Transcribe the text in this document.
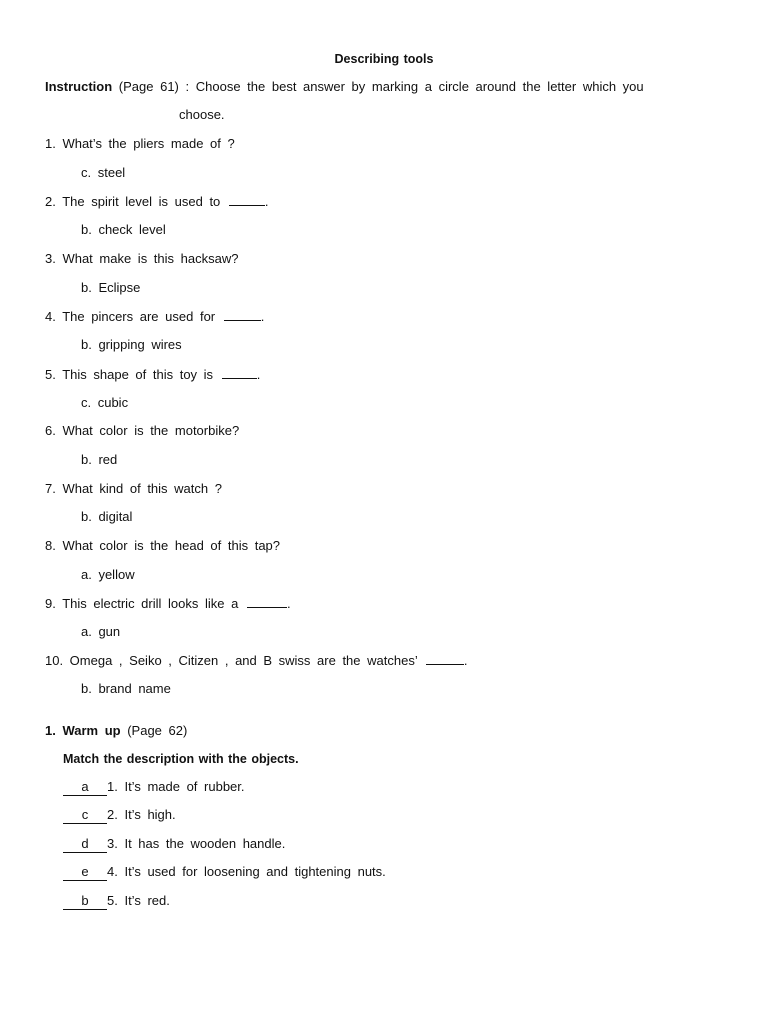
Describing tools
Instruction (Page 61) : Choose the best answer by marking a circle around the letter which you
choose.
1. What’s the pliers made of ?
c. steel
2. The spirit level is used to	.
b. check level
3. What make is this hacksaw?
b. Eclipse
4. The pincers are used for	.
b. gripping wires
5. This shape of this toy is	.
c. cubic
6. What color is the motorbike?
b. red
7. What kind of this watch ?
b. digital
8. What color is the head of this tap?
a. yellow
9. This electric drill looks like a	.
a. gun
10. Omega , Seiko , Citizen , and B swiss are the watches’	.
b. brand name
1. Warm up (Page 62)
Match the description with the objects.
a 1. It’s made of rubber.
c 2. It’s high.
d 3. It has the wooden handle.
e 4. It’s used for loosening and tightening nuts.
b 5. It’s red.
